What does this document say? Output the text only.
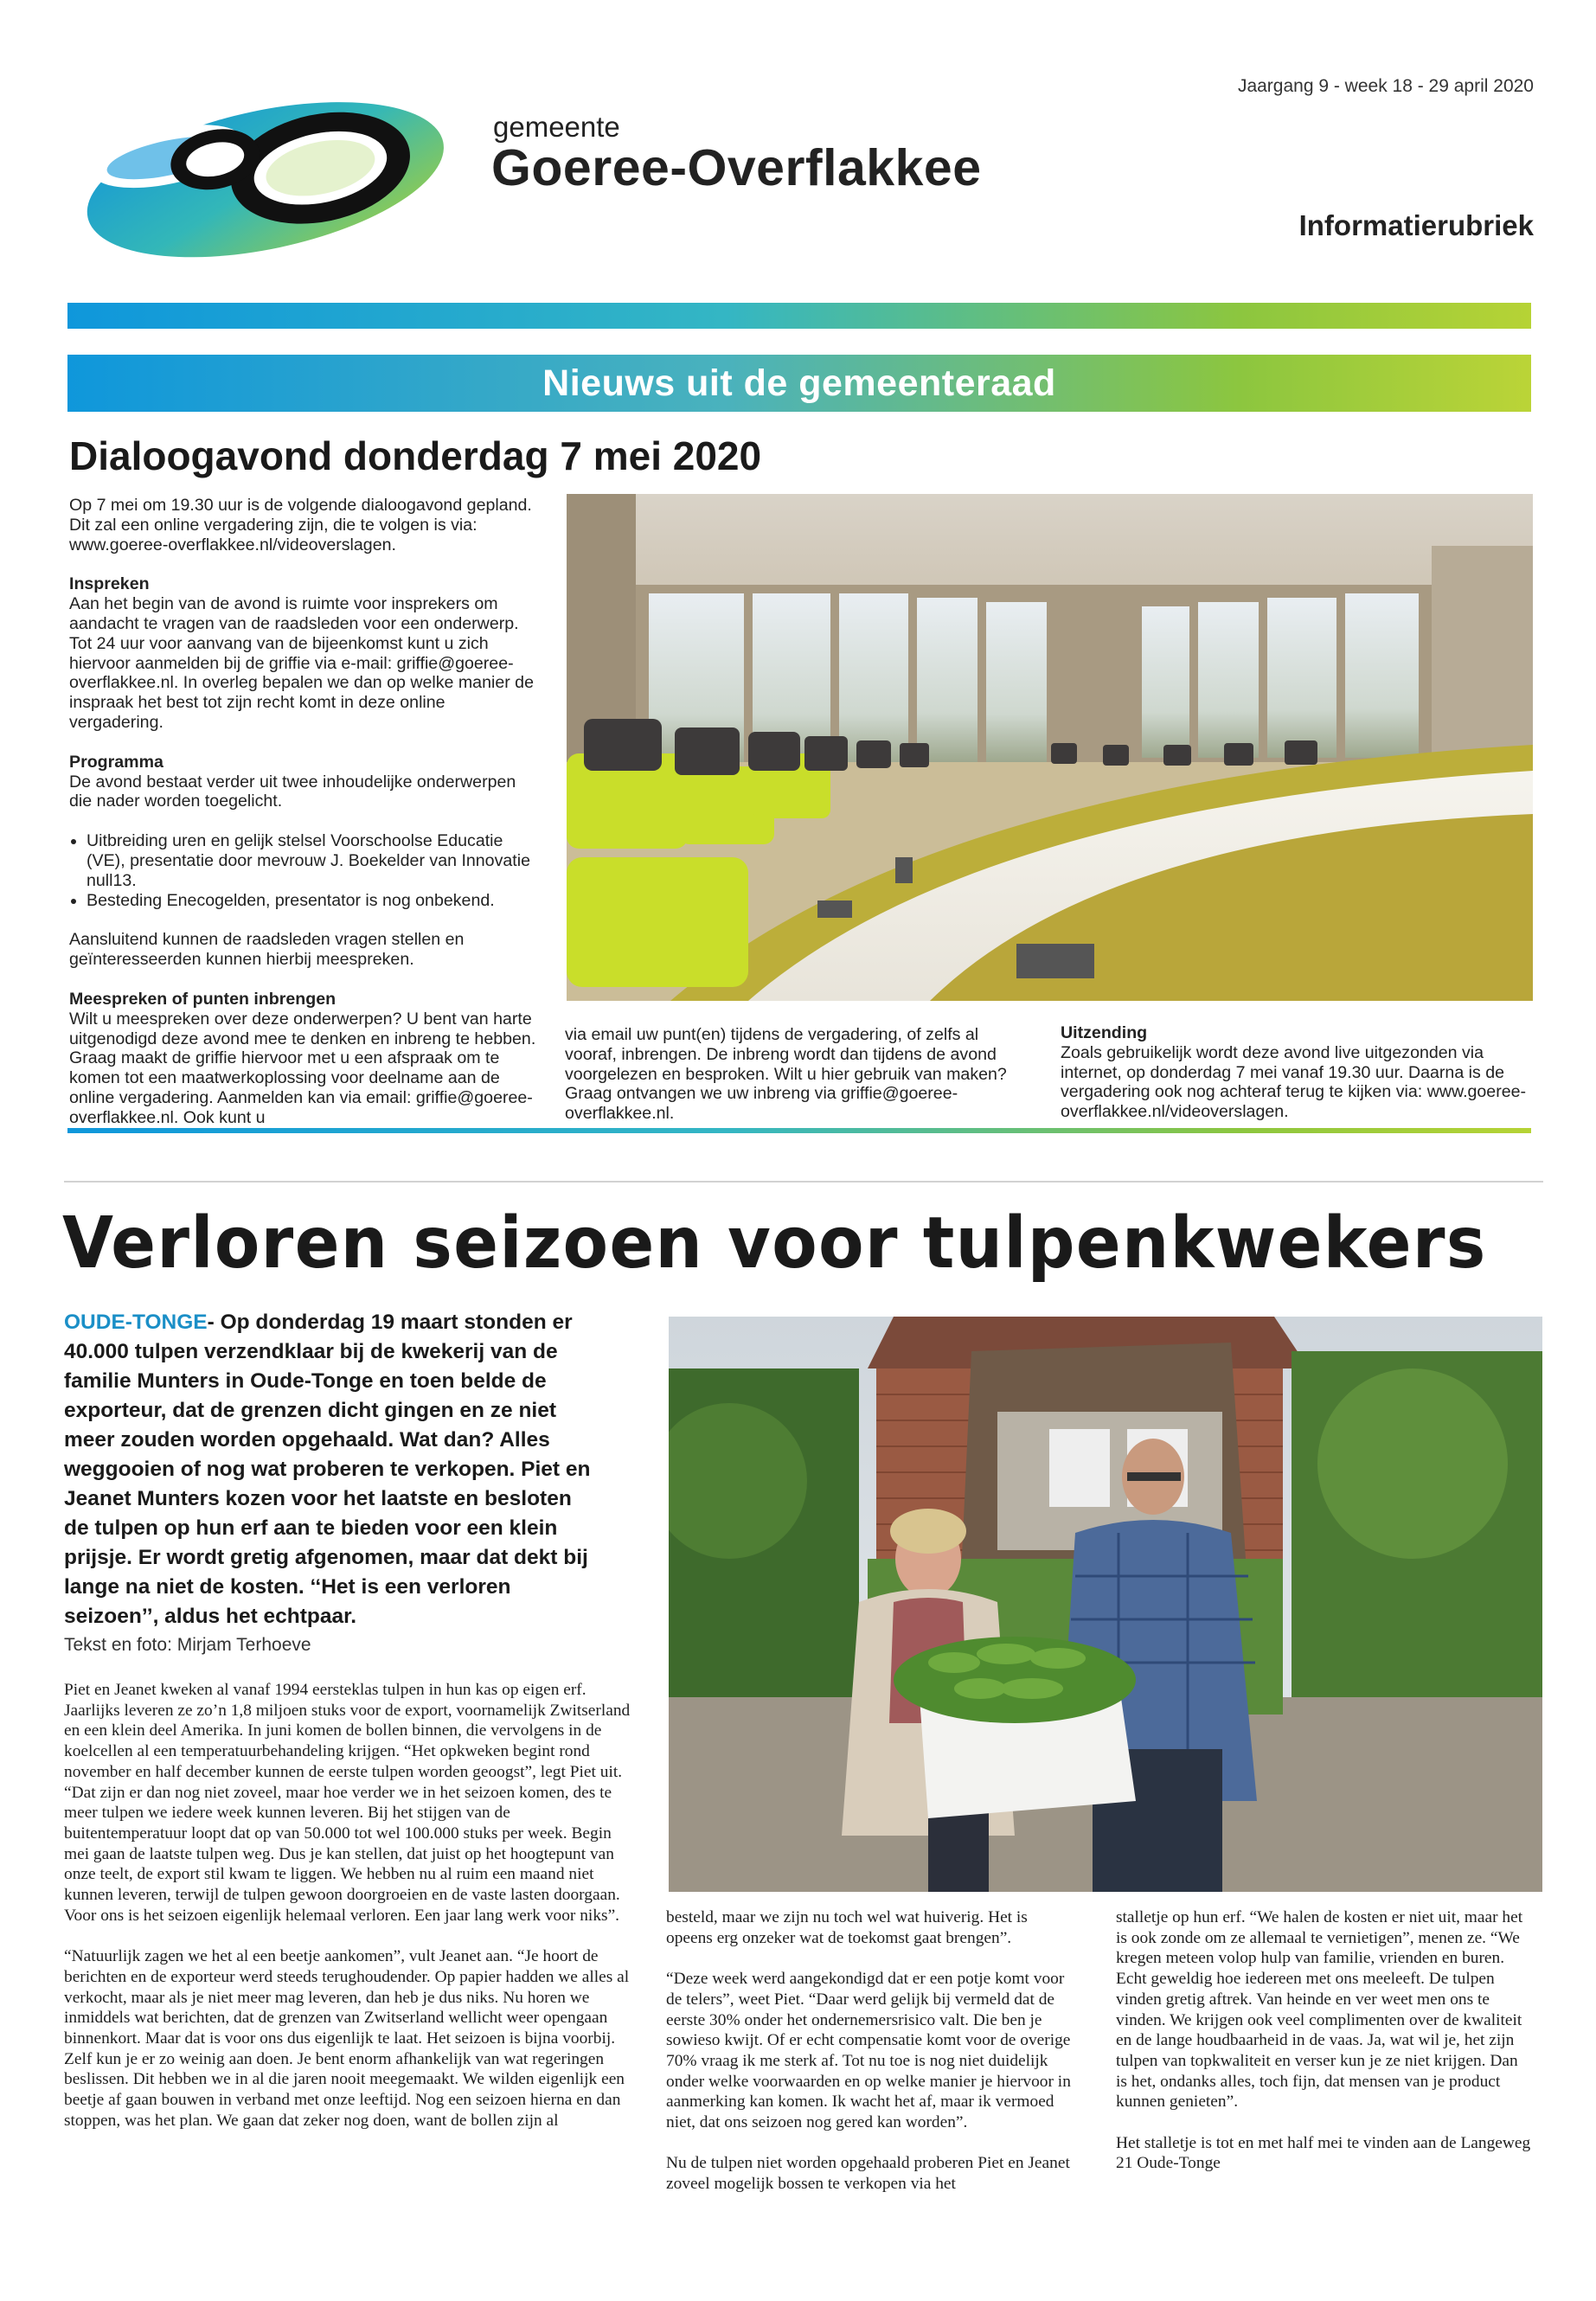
gemeente
Goeree-Overflakkee
Jaargang 9 - week 18 - 29 april 2020
Informatierubriek
Nieuws uit de gemeenteraad
Dialoogavond donderdag 7 mei 2020

Op 7 mei om 19.30 uur is de volgende dialoogavond gepland. Dit zal een online vergadering zijn, die te volgen is via: www.goeree-overflakkee.nl/videoverslagen.

Inspreken
Aan het begin van de avond is ruimte voor insprekers om aandacht te vragen van de raadsleden voor een onderwerp. Tot 24 uur voor aanvang van de bijeenkomst kunt u zich hiervoor aanmelden bij de griffie via e-mail: griffie@goeree-overflakkee.nl. In overleg bepalen we dan op welke manier de inspraak het best tot zijn recht komt in deze online vergadering.

Programma
De avond bestaat verder uit twee inhoudelijke onderwerpen die nader worden toegelicht.

• Uitbreiding uren en gelijk stelsel Voorschoolse Educatie (VE), presentatie door mevrouw J. Boekelder van Innovatie null13.
• Besteding Enecogelden, presentator is nog onbekend.

Aansluitend kunnen de raadsleden vragen stellen en geïnteresseerden kunnen hierbij meespreken.

Meespreken of punten inbrengen
Wilt u meespreken over deze onderwerpen? U bent van harte uitgenodigd deze avond mee te denken en inbreng te hebben. Graag maakt de griffie hiervoor met u een afspraak om te komen tot een maatwerkoplossing voor deelname aan de online vergadering. Aanmelden kan via email: griffie@goeree-overflakkee.nl. Ook kunt u

via email uw punt(en) tijdens de vergadering, of zelfs al vooraf, inbrengen. De inbreng wordt dan tijdens de avond voorgelezen en besproken. Wilt u hier gebruik van maken? Graag ontvangen we uw inbreng via griffie@goeree-overflakkee.nl.

Uitzending
Zoals gebruikelijk wordt deze avond live uitgezonden via internet, op donderdag 7 mei vanaf 19.30 uur. Daarna is de vergadering ook nog achteraf terug te kijken via: www.goeree-overflakkee.nl/videoverslagen.

Verloren seizoen voor tulpenkwekers
OUDE-TONGE- Op donderdag 19 maart stonden er 40.000 tulpen verzendklaar bij de kwekerij van de familie Munters in Oude-Tonge en toen belde de exporteur, dat de grenzen dicht gingen en ze niet meer zouden worden opgehaald. Wat dan? Alles weggooien of nog wat proberen te verkopen. Piet en Jeanet Munters kozen voor het laatste en besloten de tulpen op hun erf aan te bieden voor een klein prijsje. Er wordt gretig afgenomen, maar dat dekt bij lange na niet de kosten. ‘‘Het is een verloren seizoen’’, aldus het echtpaar.
Tekst en foto: Mirjam Terhoeve

Piet en Jeanet kweken al vanaf 1994 eersteklas tulpen in hun kas op eigen erf. Jaarlijks leveren ze zo’n 1,8 miljoen stuks voor de export, voornamelijk Zwitserland en een klein deel Amerika. In juni komen de bollen binnen, die vervolgens in de koelcellen al een temperatuurbehandeling krijgen. “Het opkweken begint rond november en half december kunnen de eerste tulpen worden geoogst”, legt Piet uit. “Dat zijn er dan nog niet zoveel, maar hoe verder we in het seizoen komen, des te meer tulpen we iedere week kunnen leveren. Bij het stijgen van de buitentemperatuur loopt dat op van 50.000 tot wel 100.000 stuks per week. Begin mei gaan de laatste tulpen weg. Dus je kan stellen, dat juist op het hoogtepunt van onze teelt, de export stil kwam te liggen. We hebben nu al ruim een maand niet kunnen leveren, terwijl de tulpen gewoon doorgroeien en de vaste lasten doorgaan. Voor ons is het seizoen eigenlijk helemaal verloren. Een jaar lang werk voor niks”.

“Natuurlijk zagen we het al een beetje aankomen”, vult Jeanet aan. “Je hoort de berichten en de exporteur werd steeds terughoudender. Op papier hadden we alles al verkocht, maar als je niet meer mag leveren, dan heb je dus niks. Nu horen we inmiddels wat berichten, dat de grenzen van Zwitserland wellicht weer opengaan binnenkort. Maar dat is voor ons dus eigenlijk te laat. Het seizoen is bijna voorbij. Zelf kun je er zo weinig aan doen. Je bent enorm afhankelijk van wat regeringen beslissen. Dit hebben we in al die jaren nooit meegemaakt. We wilden eigenlijk een beetje af gaan bouwen in verband met onze leeftijd. Nog een seizoen hierna en dan stoppen, was het plan. We gaan dat zeker nog doen, want de bollen zijn al

besteld, maar we zijn nu toch wel wat huiverig. Het is opeens erg onzeker wat de toekomst gaat brengen”.

“Deze week werd aangekondigd dat er een potje komt voor de telers”, weet Piet. “Daar werd gelijk bij vermeld dat de eerste 30% onder het ondernemersrisico valt. Die ben je sowieso kwijt. Of er echt compensatie komt voor de overige 70% vraag ik me sterk af. Tot nu toe is nog niet duidelijk onder welke voorwaarden en op welke manier je hiervoor in aanmerking kan komen. Ik wacht het af, maar ik vermoed niet, dat ons seizoen nog gered kan worden”.

Nu de tulpen niet worden opgehaald proberen Piet en Jeanet zoveel mogelijk bossen te verkopen via het

stalletje op hun erf. “We halen de kosten er niet uit, maar het is ook zonde om ze allemaal te vernietigen”, menen ze. “We kregen meteen volop hulp van familie, vrienden en buren. Echt geweldig hoe iedereen met ons meeleeft. De tulpen vinden gretig aftrek. Van heinde en ver weet men ons te vinden. We krijgen ook veel complimenten over de kwaliteit en de lange houdbaarheid in de vaas. Ja, wat wil je, het zijn tulpen van topkwaliteit en verser kun je ze niet krijgen. Dan is het, ondanks alles, toch fijn, dat mensen van je product kunnen genieten”.

Het stalletje is tot en met half mei te vinden aan de Langeweg 21 Oude-Tonge
